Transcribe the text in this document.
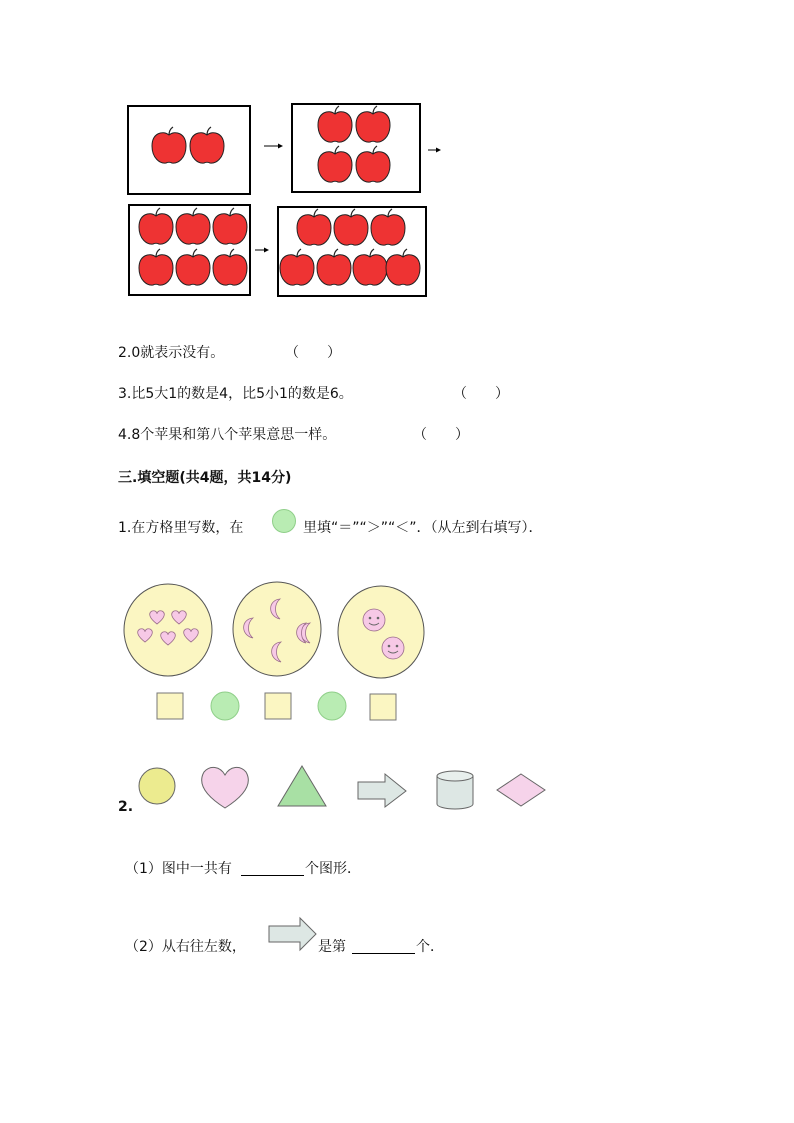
2.0就表示没有。	（　　）
3.比5大1的数是4，比5小1的数是6。	（　　）
4.8个苹果和第八个苹果意思一样。	（　　）
三.填空题(共4题，共14分)
1.在方格里写数，在	里填“＝”“＞”“＜”．（从左到右填写）．
2.
（1）图中一共有	个图形．
（2）从右往左数，	是第	个．
